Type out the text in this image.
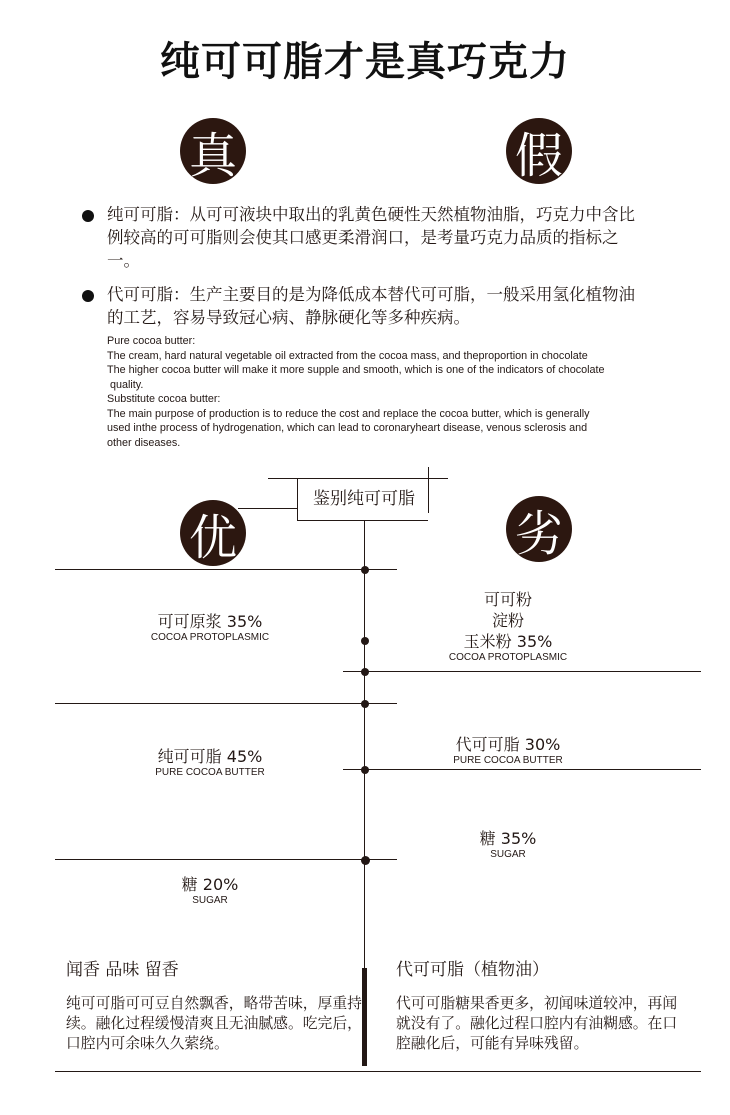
纯可可脂才是真巧克力
真	假
纯可可脂：从可可液块中取出的乳黄色硬性天然植物油脂，巧克力中含比例较高的可可脂则会使其口感更柔滑润口，是考量巧克力品质的指标之一。
代可可脂：生产主要目的是为降低成本替代可可脂，一般采用氢化植物油的工艺，容易导致冠心病、静脉硬化等多种疾病。
Pure cocoa butter:
The cream, hard natural vegetable oil extracted from the cocoa mass, and theproportion in chocolate
The higher cocoa butter will make it more supple and smooth, which is one of the indicators of chocolate
quality.
Substitute cocoa butter:
The main purpose of production is to reduce the cost and replace the cocoa butter, which is generally
used inthe process of hydrogenation, which can lead to coronaryheart disease, venous sclerosis and
other diseases.
鉴别纯可可脂
优	劣
可可原浆 35%
COCOA PROTOPLASMIC
纯可可脂 45%
PURE COCOA BUTTER
糖 20%
SUGAR
可可粉
淀粉
玉米粉 35%
COCOA PROTOPLASMIC
代可可脂 30%
PURE COCOA BUTTER
糖 35%
SUGAR
闻香 品味 留香
纯可可脂可可豆自然飘香，略带苦味，厚重持续。融化过程缓慢清爽且无油腻感。吃完后，口腔内可余味久久萦绕。
代可可脂（植物油）
代可可脂糖果香更多，初闻味道较冲，再闻就没有了。融化过程口腔内有油糊感。在口腔融化后，可能有异味残留。
